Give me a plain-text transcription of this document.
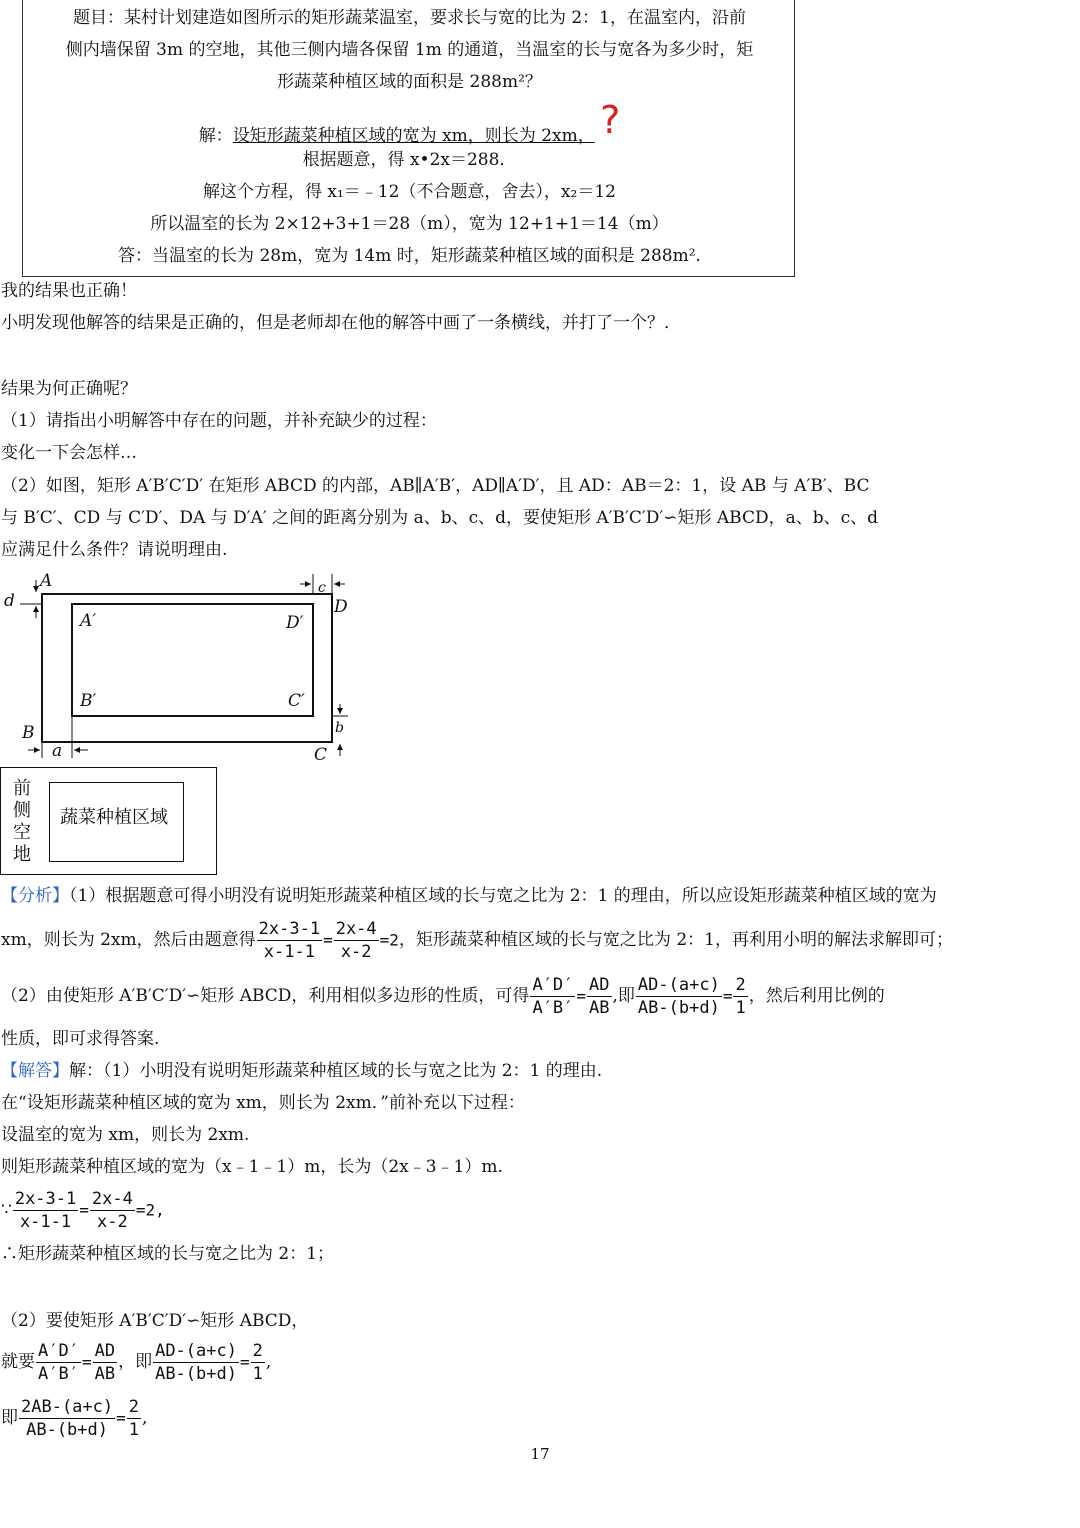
题目：某村计划建造如图所示的矩形蔬菜温室，要求长与宽的比为 2：1，在温室内，沿前
侧内墙保留 3m 的空地，其他三侧内墙各保留 1m 的通道，当温室的长与宽各为多少时，矩
形蔬菜种植区域的面积是 288m²？
解：设矩形蔬菜种植区域的宽为 xm，则长为 2xm， ?
根据题意，得 x•2x＝288．
解这个方程，得 x₁＝﹣12（不合题意，舍去），x₂＝12
所以温室的长为 2×12+3+1＝28（m），宽为 12+1+1＝14（m）
答：当温室的长为 28m，宽为 14m 时，矩形蔬菜种植区域的面积是 288m².
我的结果也正确！
小明发现他解答的结果是正确的，但是老师却在他的解答中画了一条横线，并打了一个？．
结果为何正确呢？
（1）请指出小明解答中存在的问题，并补充缺少的过程：
变化一下会怎样…
（2）如图，矩形 A′B′C′D′ 在矩形 ABCD 的内部，AB∥A′B′，AD∥A′D′，且 AD：AB＝2：1，设 AB 与 A′B′、BC
与 B′C′、CD 与 C′D′、DA 与 D′A′ 之间的距离分别为 a、b、c、d，要使矩形 A′B′C′D′∽矩形 ABCD，a、b、c、d
应满足什么条件？请说明理由.
A
D
B
C
A′	D′
B′	C′
d
c
b
a
前侧空地
蔬菜种植区域
【分析】（1）根据题意可得小明没有说明矩形蔬菜种植区域的长与宽之比为 2：1 的理由，所以应设矩形蔬菜种植区域的宽为
xm，则长为 2xm，然后由题意得 $\frac{2x-3-1}{x-1-1} = \frac{2x-4}{x-2} =2$，矩形蔬菜种植区域的长与宽之比为 2：1，再利用小明的解法求解即可；
（2）由使矩形 A′B′C′D′∽矩形 ABCD，利用相似多边形的性质，可得 $\frac{A'D'}{A'B'} = \frac{AD}{AB}$ ,即 $\frac{AD-(a+c)}{AB-(b+d)} = \frac{2}{1}$ ，然后利用比例的
性质，即可求得答案.
【解答】解：（1）小明没有说明矩形蔬菜种植区域的长与宽之比为 2：1 的理由.
在“设矩形蔬菜种植区域的宽为 xm，则长为 2xm．”前补充以下过程：
设温室的宽为 xm，则长为 2xm.
则矩形蔬菜种植区域的宽为（x﹣1﹣1）m，长为（2x﹣3﹣1）m.
∵ $\frac{2x-3-1}{x-1-1} = \frac{2x-4}{x-2} =2$,
∴矩形蔬菜种植区域的长与宽之比为 2：1；
（2）要使矩形 A′B′C′D′∽矩形 ABCD，
就要 $\frac{A'D'}{A'B'} = \frac{AD}{AB}$ ，即 $\frac{AD-(a+c)}{AB-(b+d)} = \frac{2}{1}$ ,
即 $\frac{2AB-(a+c)}{AB-(b+d)} = \frac{2}{1}$ ,
17
